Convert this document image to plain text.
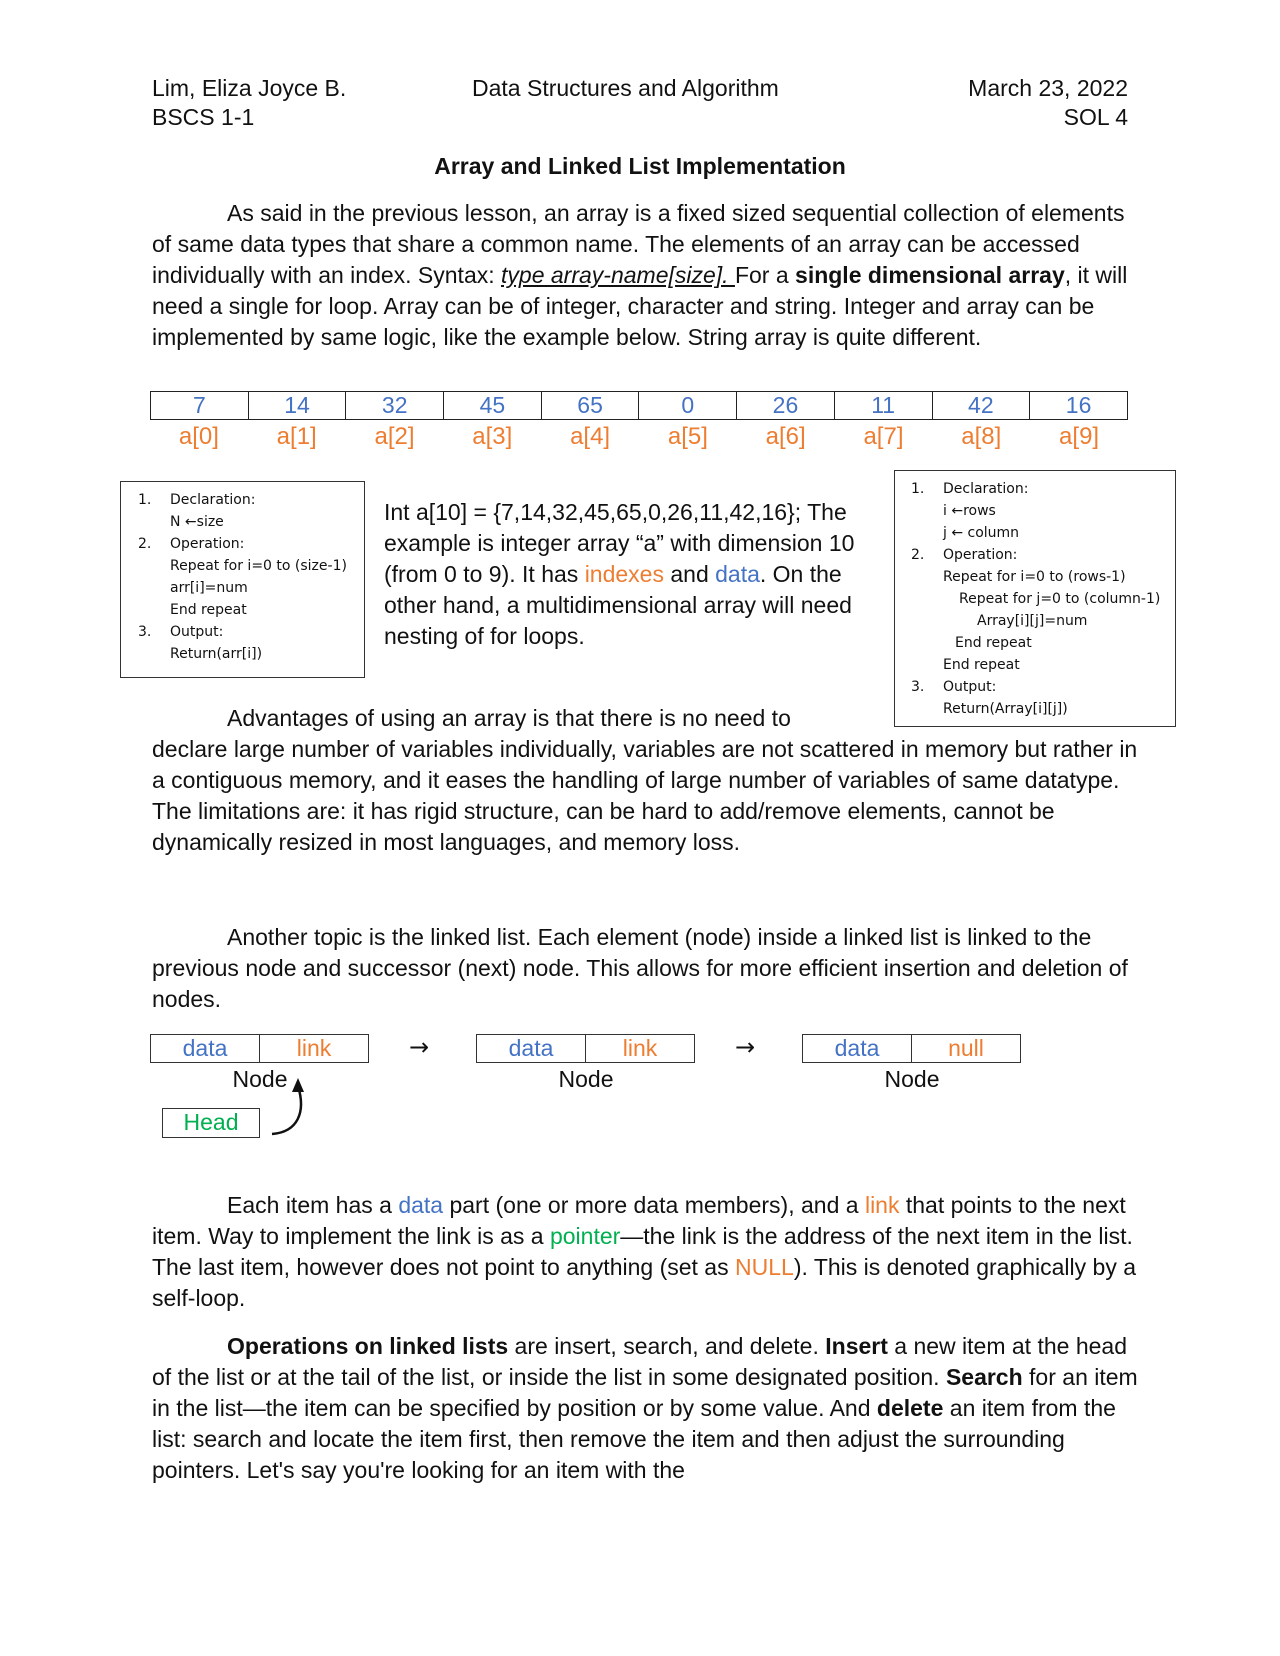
Lim, Eliza Joyce B.
BSCS 1-1
Data Structures and Algorithm	March 23, 2022
SOL 4
Array and Linked List Implementation

As said in the previous lesson, an array is a fixed sized sequential collection of elements of same data types that share a common name. The elements of an array can be accessed individually with an index. Syntax: type array-name[size]. For a single dimensional array, it will need a single for loop. Array can be of integer, character and string. Integer and array can be implemented by same logic, like the example below. String array is quite different.

7	14	32	45	65	0	26	11	42	16
a[0]	a[1]	a[2]	a[3]	a[4]	a[5]	a[6]	a[7]	a[8]	a[9]
1. Declaration:
N ←size
2. Operation:
Repeat for i=0 to (size-1)
arr[i]=num
End repeat
3. Output:
Return(arr[i])
Int a[10] = {7,14,32,45,65,0,26,11,42,16}; The example is integer array “a” with dimension 10 (from 0 to 9). It has indexes and data. On the other hand, a multidimensional array will need nesting of for loops.
1. Declaration:
i ←rows
j ← column
2. Operation:
Repeat for i=0 to (rows-1)
Repeat for j=0 to (column-1)
Array[i][j]=num
End repeat
End repeat
3. Output:
Return(Array[i][j])
Advantages of using an array is that there is no need to
declare large number of variables individually, variables are not scattered in memory but rather in a contiguous memory, and it eases the handling of large number of variables of same datatype. The limitations are: it has rigid structure, can be hard to add/remove elements, cannot be dynamically resized in most languages, and memory loss.

Another topic is the linked list. Each element (node) inside a linked list is linked to the previous node and successor (next) node. This allows for more efficient insertion and deletion of nodes.

data	link
Node
→	data	link
Node
→	data	null
Node
Head

Each item has a data part (one or more data members), and a link that points to the next item. Way to implement the link is as a pointer—the link is the address of the next item in the list. The last item, however does not point to anything (set as NULL). This is denoted graphically by a self-loop.

Operations on linked lists are insert, search, and delete. Insert a new item at the head of the list or at the tail of the list, or inside the list in some designated position. Search for an item in the list—the item can be specified by position or by some value. And delete an item from the list: search and locate the item first, then remove the item and then adjust the surrounding pointers. Let's say you're looking for an item with the
